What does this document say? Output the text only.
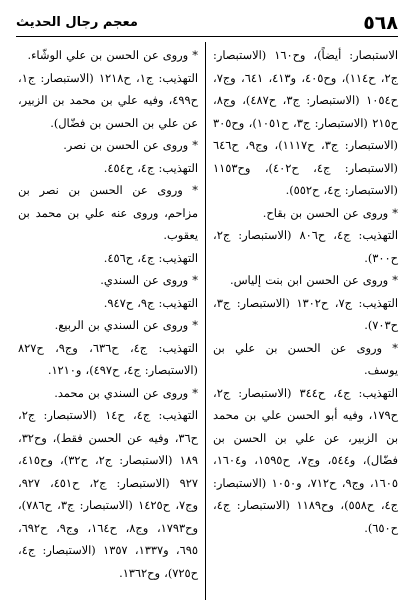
٥٦٨
معجم رجال الحديث

الاستبصار: أيضاً)، وح١٦٠ (الاستبصار: ج٢، ح١١٤)، وح٤٠٥، و٤١٣، ٦٤١، وج٧، ح١٠٥٤ (الاستبصار: ج٣، ح٤٨٧)، وج٨، ح٢١٥ (الاستبصار: ج٣، ح١٠٥١)، وح٣٠٥ (الاستبصار: ج٣، ح١١١٧)، وج٩، ح٦٤٦ (الاستبصار: ج٤، ح٤٠٢)، وح١١٥٣ (الاستبصار: ج٤، ح٥٥٢).

* وروى عن الحسن بن بقاح.

التهذيب: ج٤، ح٨٠٦ (الاستبصار: ج٢، ح٣٠٠).

* وروى عن الحسن ابن بنت إلياس.

التهذيب: ج٧، ح١٣٠٢ (الاستبصار: ج٣، ح٧٠٣).

* وروى عن الحسن بن علي بن يوسف.

التهذيب: ج٤، ح٣٤٤ (الاستبصار: ج٢، ح١٧٩، وفيه أبو الحسن علي بن محمد بن الزبير، عن علي بن الحسن بن فضّال)، و٥٤٤، وج٧، ح١٥٩٥، و١٦٠٤، ١٦٠٥، وج٩، ح٧١٢، و١٠٥٠ (الاستبصار: ج٤، ح٥٥٨)، وح١١٨٩ (الاستبصار: ج٤، ح٦٥٠).

* وروى عن الحسن بن علي الوشّاء.

التهذيب: ج١، ح١٢١٨ (الاستبصار: ج١، ح٤٩٩، وفيه علي بن محمد بن الزبير، عن علي بن الحسن بن فضّال).

* وروى عن الحسن بن نصر.

التهذيب: ج٤، ح٤٥٤.

* وروى عن الحسن بن نصر بن مزاحم، وروى عنه علي بن محمد بن يعقوب.

التهذيب: ج٤، ح٤٥٦.

* وروى عن السندي.

التهذيب: ج٩، ح٩٤٧.

* وروى عن السندي بن الربيع.

التهذيب: ج٤، ح٦٣٦، وج٩، ح٨٢٧ (الاستبصار: ج٤، ح٤٩٧)، و١٢١٠.

* وروى عن السندي بن محمد.

التهذيب: ج٤، ح١٤ (الاستبصار: ج٢، ح٣٦، وفيه عن الحسن فقط)، وح٣٢، ١٨٩ (الاستبصار: ج٢، ح٣٢)، وح٤١٥، ٩٢٧ (الاستبصار: ج٢، ح٤٥١، ٩٢٧، وج٧، ح١٤٢٥ (الاستبصار: ج٣، ح٧٨٦)، وح١٧٩٣، وج٨، ح١٦٤، وج٩، ح٦٩٢، ٦٩٥، و١٣٣٧، ١٣٥٧ (الاستبصار: ج٤، ح٧٢٥)، وح١٣٦٢.
